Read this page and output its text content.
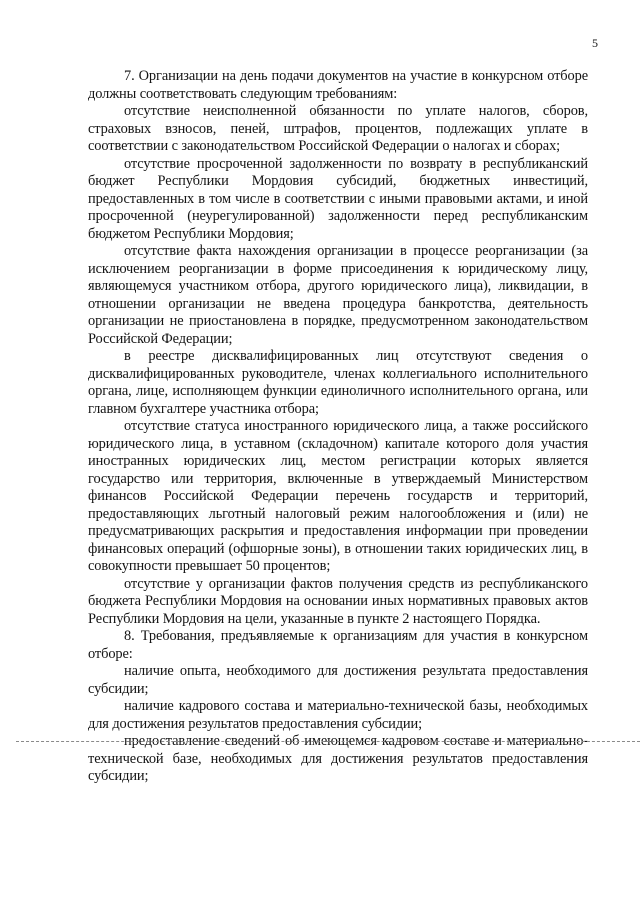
5

7. Организации на день подачи документов на участие в конкурсном отборе должны соответствовать следующим требованиям:

отсутствие неисполненной обязанности по уплате налогов, сборов, страховых взносов, пеней, штрафов, процентов, подлежащих уплате в соответствии с законодательством Российской Федерации о налогах и сборах;

отсутствие просроченной задолженности по возврату в республиканский бюджет Республики Мордовия субсидий, бюджетных инвестиций, предоставленных в том числе в соответствии с иными правовыми актами, и иной просроченной (неурегулированной) задолженности перед республиканским бюджетом Республики Мордовия;

отсутствие факта нахождения организации в процессе реорганизации (за исключением реорганизации в форме присоединения к юридическому лицу, являющемуся участником отбора, другого юридического лица), ликвидации, в отношении организации не введена процедура банкротства, деятельность организации не приостановлена в порядке, предусмотренном законодательством Российской Федерации;

в реестре дисквалифицированных лиц отсутствуют сведения о дисквалифицированных руководителе, членах коллегиального исполнительного органа, лице, исполняющем функции единоличного исполнительного органа, или главном бухгалтере участника отбора;

отсутствие статуса иностранного юридического лица, а также российского юридического лица, в уставном (складочном) капитале которого доля участия иностранных юридических лиц, местом регистрации которых является государство или территория, включенные в утверждаемый Министерством финансов Российской Федерации перечень государств и территорий, предоставляющих льготный налоговый режим налогообложения и (или) не предусматривающих раскрытия и предоставления информации при проведении финансовых операций (офшорные зоны), в отношении таких юридических лиц, в совокупности превышает 50 процентов;

отсутствие у организации фактов получения средств из республиканского бюджета Республики Мордовия на основании иных нормативных правовых актов Республики Мордовия на цели, указанные в пункте 2 настоящего Порядка.

8. Требования, предъявляемые к организациям для участия в конкурсном отборе:

наличие опыта, необходимого для достижения результата предоставления субсидии;

наличие кадрового состава и материально-технической базы, необходимых для достижения результатов предоставления субсидии;

предоставление сведений об имеющемся кадровом составе и материально-технической базе, необходимых для достижения результатов предоставления субсидии;
